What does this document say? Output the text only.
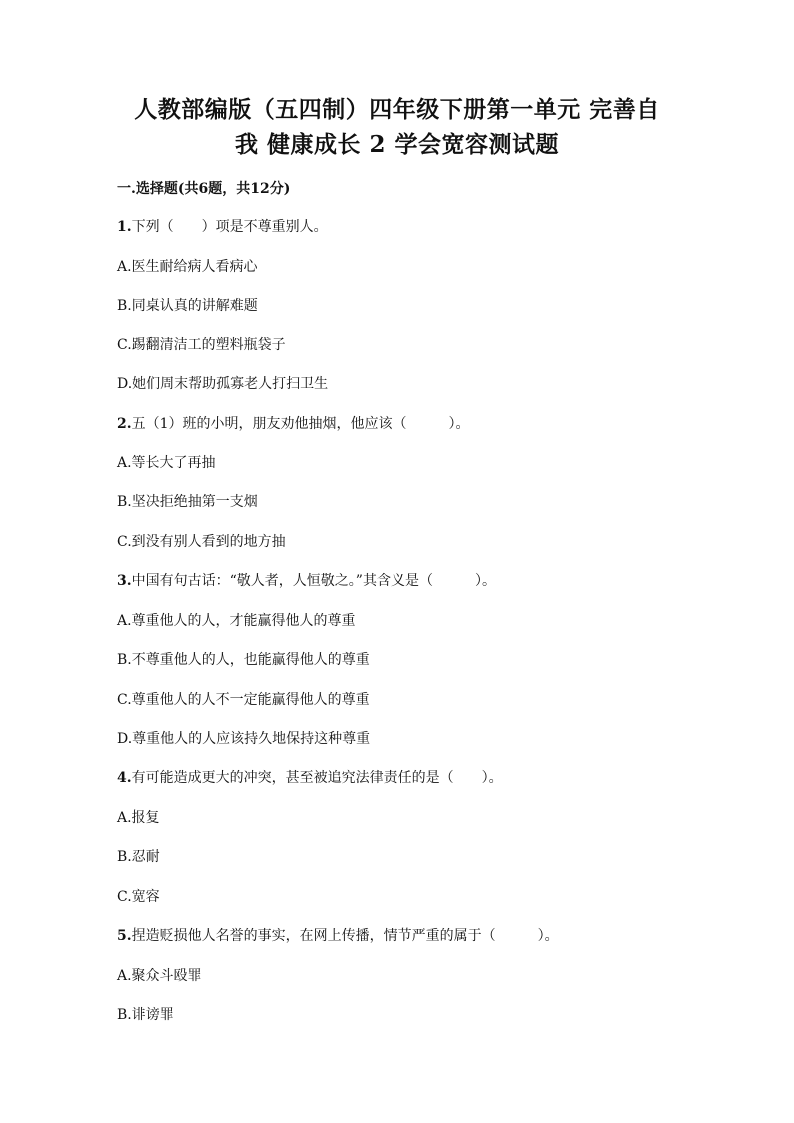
人教部编版（五四制）四年级下册第一单元 完善自
我 健康成长 2 学会宽容测试题
一.选择题(共6题，共12分)
1.下列（　　）项是不尊重别人。
A.医生耐给病人看病心
B.同桌认真的讲解难题
C.踢翻清洁工的塑料瓶袋子
D.她们周末帮助孤寡老人打扫卫生
2.五（1）班的小明，朋友劝他抽烟，他应该（　　　）。
A.等长大了再抽
B.坚决拒绝抽第一支烟
C.到没有别人看到的地方抽
3.中国有句古话：“敬人者，人恒敬之。”其含义是（　　　）。
A.尊重他人的人，才能赢得他人的尊重
B.不尊重他人的人，也能赢得他人的尊重
C.尊重他人的人不一定能赢得他人的尊重
D.尊重他人的人应该持久地保持这种尊重
4.有可能造成更大的冲突，甚至被追究法律责任的是（　　）。
A.报复
B.忍耐
C.宽容
5.捏造贬损他人名誉的事实，在网上传播，情节严重的属于（　　　）。
A.聚众斗殴罪
B.诽谤罪
